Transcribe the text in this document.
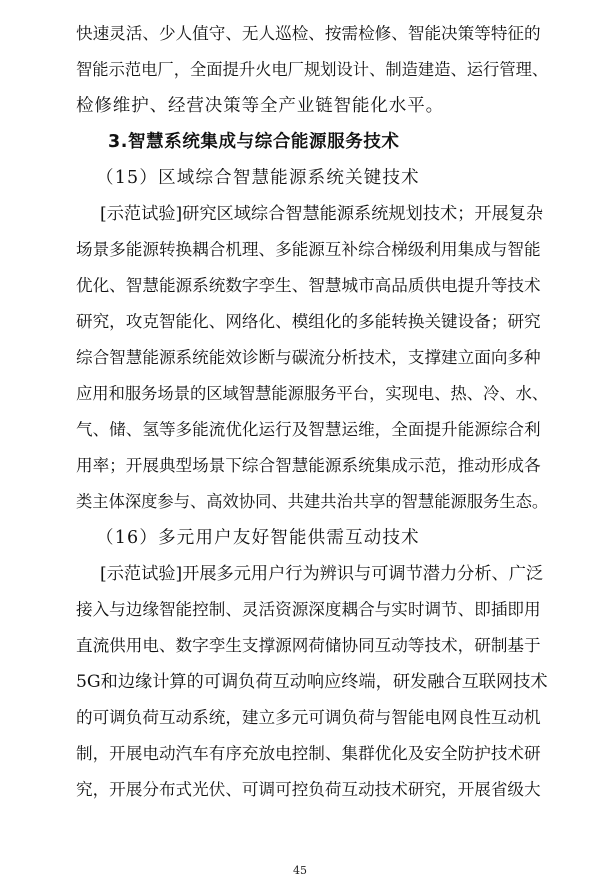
快速灵活、少人值守、无人巡检、按需检修、智能决策等特征的
智能示范电厂，全面提升火电厂规划设计、制造建造、运行管理、
检修维护、经营决策等全产业链智能化水平。
3.智慧系统集成与综合能源服务技术
（15）区域综合智慧能源系统关键技术
[示范试验]研究区域综合智慧能源系统规划技术；开展复杂
场景多能源转换耦合机理、多能源互补综合梯级利用集成与智能
优化、智慧能源系统数字孪生、智慧城市高品质供电提升等技术
研究，攻克智能化、网络化、模组化的多能转换关键设备；研究
综合智慧能源系统能效诊断与碳流分析技术，支撑建立面向多种
应用和服务场景的区域智慧能源服务平台，实现电、热、冷、水、
气、储、氢等多能流优化运行及智慧运维，全面提升能源综合利
用率；开展典型场景下综合智慧能源系统集成示范，推动形成各
类主体深度参与、高效协同、共建共治共享的智慧能源服务生态。
（16）多元用户友好智能供需互动技术
[示范试验]开展多元用户行为辨识与可调节潜力分析、广泛
接入与边缘智能控制、灵活资源深度耦合与实时调节、即插即用
直流供用电、数字孪生支撑源网荷储协同互动等技术，研制基于
5G和边缘计算的可调负荷互动响应终端，研发融合互联网技术
的可调负荷互动系统，建立多元可调负荷与智能电网良性互动机
制，开展电动汽车有序充放电控制、集群优化及安全防护技术研
究，开展分布式光伏、可调可控负荷互动技术研究，开展省级大
45
